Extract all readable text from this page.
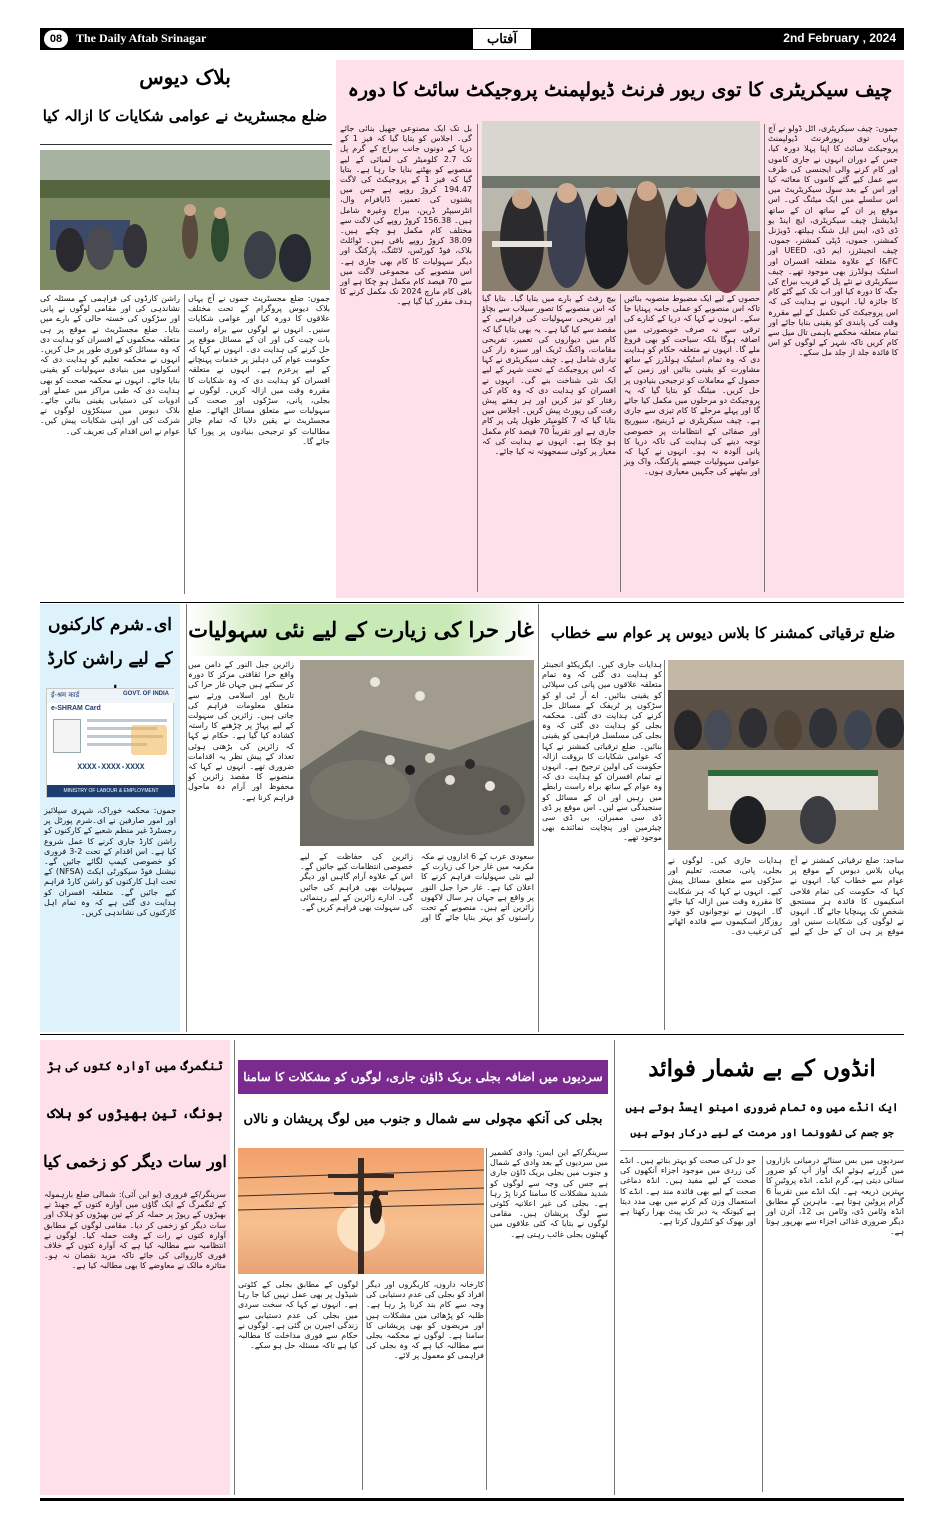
08	The Daily Aftab Srinagar	آفتاب	2nd February , 2024
چیف سیکریٹری کا توی ریور فرنٹ ڈیولپمنٹ پروجیکٹ سائٹ کا دورہ
جموں: چیف سیکریٹری، اٹل ڈولو نے آج یہاں توی ریورفرنٹ ڈیولپمنٹ پروجیکٹ سائٹ کا اپنا پہلا دورہ کیا، جس کے دوران انہوں نے جاری کاموں اور کام کرنے والی ایجنسی کی طرف سے عمل کیے گئے کاموں کا معائنہ کیا اور اس کے بعد سول سیکریٹریٹ میں اس سلسلے میں ایک میٹنگ کی۔ اس موقع پر ان کے ساتھ ان کے ساتھ ایڈیشنل چیف سیکریٹری، ایچ اینڈ یو ڈی ڈی، ایس ایل شنگ ہیلتھ، ڈویژنل کمشنر، جموں، ڈپٹی کمشنر، جموں، چیف انجینئرز، ایم ڈی، UEED اور I&FC کے علاوہ متعلقہ افسران اور اسٹیک ہولڈرز بھی موجود تھے۔ چیف سیکریٹری نے نئے پل کے قریب بیراج کی جگہ کا دورہ کیا اور اب تک کیے گئے کام کا جائزہ لیا۔ انہوں نے ہدایت کی کہ اس پروجیکٹ کی تکمیل کے لیے مقررہ وقت کی پابندی کو یقینی بنایا جائے اور تمام متعلقہ محکمے باہمی تال میل سے کام کریں تاکہ شہر کے لوگوں کو اس کا فائدہ جلد از جلد مل سکے۔
حصوں کے لیے ایک مضبوط منصوبہ بنائیں تاکہ اس منصوبے کو عملی جامہ پہنایا جا سکے۔ انہوں نے کہا کہ دریا کے کنارے کی ترقی سے نہ صرف خوبصورتی میں اضافہ ہوگا بلکہ سیاحت کو بھی فروغ ملے گا۔ انہوں نے متعلقہ حکام کو ہدایت دی کہ وہ تمام اسٹیک ہولڈرز کے ساتھ مشاورت کو یقینی بنائیں اور زمین کے حصول کے معاملات کو ترجیحی بنیادوں پر حل کریں۔ میٹنگ کو بتایا گیا کہ یہ پروجیکٹ دو مرحلوں میں مکمل کیا جائے گا اور پہلے مرحلے کا کام تیزی سے جاری ہے۔ چیف سیکریٹری نے ڈرینیج، سیوریج اور صفائی کے انتظامات پر خصوصی توجہ دینے کی ہدایت کی تاکہ دریا کا پانی آلودہ نہ ہو۔ انہوں نے کہا کہ عوامی سہولیات جیسے پارکنگ، واک ویز اور بیٹھنے کی جگہیں معیاری ہوں۔
بیچ رفٹ کے بارے میں بتایا گیا۔ بتایا گیا کہ اس منصوبے کا تصور سیلاب سے بچاؤ اور تفریحی سہولیات کی فراہمی کے مقصد سے کیا گیا ہے۔ یہ بھی بتایا گیا کہ کام میں دیواروں کی تعمیر، تفریحی مقامات، واکنگ ٹریک اور سبزہ زار کی تیاری شامل ہے۔ چیف سیکریٹری نے کہا کہ اس پروجیکٹ کے تحت شہر کے لیے ایک نئی شناخت بنے گی۔ انہوں نے افسران کو ہدایت دی کہ وہ کام کی رفتار کو تیز کریں اور ہر ہفتے پیش رفت کی رپورٹ پیش کریں۔ اجلاس میں بتایا گیا کہ 7 کلومیٹر طویل پٹی پر کام جاری ہے اور تقریباً 70 فیصد کام مکمل ہو چکا ہے۔ انہوں نے ہدایت کی کہ معیار پر کوئی سمجھوتہ نہ کیا جائے۔
بل تک ایک مصنوعی جھیل بنائی جائے گی۔ اجلاس کو بتایا گیا کہ فیز 1 کے دریا کے دونوں جانب بیراج کے گرم پل تک 2.7 کلومیٹر کی لمبائی کے لیے منصوبے کو بھٹنے بنایا جا رہا ہے۔ بتایا گیا کہ فیز 1 کے پروجیکٹ کی لاگت 194.47 کروڑ روپے ہے جس میں پشتوں کی تعمیر، ڈایافرام وال، انٹرسیپٹر ڈرین، بیراج وغیرہ شامل ہیں۔ 156.38 کروڑ روپے کی لاگت سے مختلف کام مکمل ہو چکے ہیں۔ 38.09 کروڑ روپے باقی ہیں۔ ٹوائلٹ بلاک، فوڈ کورٹس، لائٹنگ، پارکنگ اور دیگر سہولیات کا کام بھی جاری ہے۔ اس منصوبے کی مجموعی لاگت میں سے 70 فیصد کام مکمل ہو چکا ہے اور باقی کام مارچ 2024 تک مکمل کرنے کا ہدف مقرر کیا گیا ہے۔
بلاک دیوس
ضلع مجسٹریٹ نے عوامی شکایات کا ازالہ کیا
جموں: ضلع مجسٹریٹ جموں نے آج یہاں بلاک دیوس پروگرام کے تحت مختلف علاقوں کا دورہ کیا اور عوامی شکایات سنیں۔ انہوں نے لوگوں سے براہ راست بات چیت کی اور ان کے مسائل موقع پر حل کرنے کی ہدایت دی۔ انہوں نے کہا کہ حکومت عوام کی دہلیز پر خدمات پہنچانے کے لیے پرعزم ہے۔ انہوں نے متعلقہ افسران کو ہدایت دی کہ وہ شکایات کا مقررہ وقت میں ازالہ کریں۔ لوگوں نے بجلی، پانی، سڑکوں اور صحت کی سہولیات سے متعلق مسائل اٹھائے۔ ضلع مجسٹریٹ نے یقین دلایا کہ تمام جائز مطالبات کو ترجیحی بنیادوں پر پورا کیا جائے گا۔
راشن کارڈوں کی فراہمی کے مسئلہ کی نشاندہی کی اور مقامی لوگوں نے پانی اور سڑکوں کی خستہ حالی کے بارے میں بتایا۔ ضلع مجسٹریٹ نے موقع پر ہی متعلقہ محکموں کے افسران کو ہدایت دی کہ وہ مسائل کو فوری طور پر حل کریں۔ انہوں نے محکمہ تعلیم کو ہدایت دی کہ اسکولوں میں بنیادی سہولیات کو یقینی بنایا جائے۔ انہوں نے محکمہ صحت کو بھی ہدایت دی کہ طبی مراکز میں عملے اور ادویات کی دستیابی یقینی بنائی جائے۔ بلاک دیوس میں سینکڑوں لوگوں نے شرکت کی اور اپنی شکایات پیش کیں۔ عوام نے اس اقدام کی تعریف کی۔
ای۔شرم کارکنوں کے لیے راشن کارڈ
ई-श्रम कार्ड	GOVT. OF INDIA
e-SHRAM Card
XXXX-XXXX-XXXX
MINISTRY OF LABOUR & EMPLOYMENT
جموں: محکمہ خوراک، شہری سپلائیز اور امور صارفین نے ای۔شرم پورٹل پر رجسٹرڈ غیر منظم شعبے کے کارکنوں کو راشن کارڈ جاری کرنے کا عمل شروع کیا ہے۔ اس اقدام کے تحت 2-3 فروری کو خصوصی کیمپ لگائے جائیں گے۔ نیشنل فوڈ سیکورٹی ایکٹ (NFSA) کے تحت اہل کارکنوں کو راشن کارڈ فراہم کیے جائیں گے۔ متعلقہ افسران کو ہدایت دی گئی ہے کہ وہ تمام اہل کارکنوں کی نشاندہی کریں۔
غار حرا کی زیارت کے لیے نئی سہولیات
زائرین جبل النور کے دامن میں واقع حرا ثقافتی مرکز کا دورہ کر سکتے ہیں جہاں غار حرا کی تاریخ اور اسلامی ورثے سے متعلق معلومات فراہم کی جاتی ہیں۔ زائرین کی سہولت کے لیے پہاڑ پر چڑھنے کا راستہ کشادہ کیا گیا ہے۔ حکام نے کہا کہ زائرین کی بڑھتی ہوئی تعداد کے پیش نظر یہ اقدامات ضروری تھے۔ انہوں نے کہا کہ منصوبے کا مقصد زائرین کو محفوظ اور آرام دہ ماحول فراہم کرنا ہے۔
سعودی عرب کے 6 اداروں نے مکہ مکرمہ میں غار حرا کی زیارت کے لیے نئی سہولیات فراہم کرنے کا اعلان کیا ہے۔ غار حرا جبل النور پر واقع ہے جہاں ہر سال لاکھوں زائرین آتے ہیں۔ منصوبے کے تحت راستوں کو بہتر بنایا جائے گا اور زائرین کی حفاظت کے لیے خصوصی انتظامات کیے جائیں گے۔ اس کے علاوہ آرام گاہیں اور دیگر سہولیات بھی فراہم کی جائیں گی۔ ادارے زائرین کے لیے رہنمائی کی سہولت بھی فراہم کریں گے۔
ضلع ترقیاتی کمشنر کا بلاس دیوس پر عوام سے خطاب
ہدایات جاری کیں۔ ایگزیکٹو انجینئر کو ہدایت دی گئی کہ وہ تمام متعلقہ علاقوں میں پانی کی سپلائی کو یقینی بنائیں۔ اے آر ٹی او کو سڑکوں پر ٹریفک کے مسائل حل کرنے کی ہدایت دی گئی۔ محکمہ بجلی کو ہدایت دی گئی کہ وہ بجلی کی مسلسل فراہمی کو یقینی بنائیں۔ ضلع ترقیاتی کمشنر نے کہا کہ عوامی شکایات کا بروقت ازالہ حکومت کی اولین ترجیح ہے۔ انہوں نے تمام افسران کو ہدایت دی کہ وہ عوام کے ساتھ براہ راست رابطے میں رہیں اور ان کے مسائل کو سنجیدگی سے لیں۔ اس موقع پر ڈی ڈی سی ممبران، بی ڈی سی چیئرمین اور پنچایت نمائندے بھی موجود تھے۔
ساجد: ضلع ترقیاتی کمشنر نے آج یہاں بلاس دیوس کے موقع پر عوام سے خطاب کیا۔ انہوں نے کہا کہ حکومت کی تمام فلاحی اسکیموں کا فائدہ ہر مستحق شخص تک پہنچایا جائے گا۔ انہوں نے لوگوں کی شکایات سنیں اور موقع پر ہی ان کے حل کے لیے ہدایات جاری کیں۔ لوگوں نے بجلی، پانی، صحت، تعلیم اور سڑکوں سے متعلق مسائل پیش کیے۔ انہوں نے کہا کہ ہر شکایت کا مقررہ وقت میں ازالہ کیا جائے گا۔ انہوں نے نوجوانوں کو خود روزگار اسکیموں سے فائدہ اٹھانے کی ترغیب دی۔
ٹنگمرگ میں آوارہ کتوں کی ہڑ
بونگ، تین بھیڑوں کو ہلاک
اور سات دیگر کو زخمی کیا
سرینگر/کے فروری (یو این آئی): شمالی ضلع بارہمولہ کے ٹنگمرگ کے ایک گاؤں میں آوارہ کتوں کے جھنڈ نے بھیڑوں کے ریوڑ پر حملہ کر کے تین بھیڑوں کو ہلاک اور سات دیگر کو زخمی کر دیا۔ مقامی لوگوں کے مطابق آوارہ کتوں نے رات کے وقت حملہ کیا۔ لوگوں نے انتظامیہ سے مطالبہ کیا ہے کہ آوارہ کتوں کے خلاف فوری کارروائی کی جائے تاکہ مزید نقصان نہ ہو۔ متاثرہ مالک نے معاوضے کا بھی مطالبہ کیا ہے۔
سردیوں میں اضافہ بجلی بریک ڈاؤن جاری، لوگوں کو مشکلات کا سامنا
بجلی کی آنکھ مچولی سے شمال و جنوب میں لوگ پریشان و نالاں
سرینگر/کے این ایس: وادی کشمیر میں سردیوں کے بعد وادی کے شمال و جنوب میں بجلی بریک ڈاؤن جاری ہے جس کی وجہ سے لوگوں کو شدید مشکلات کا سامنا کرنا پڑ رہا ہے۔ بجلی کی غیر اعلانیہ کٹوتی سے لوگ پریشان ہیں۔ مقامی لوگوں نے بتایا کہ کئی علاقوں میں گھنٹوں بجلی غائب رہتی ہے۔
کارخانہ داروں، کاریگروں اور دیگر افراد کو بجلی کی عدم دستیابی کی وجہ سے کام بند کرنا پڑ رہا ہے۔ طلبہ کو پڑھائی میں مشکلات ہیں اور مریضوں کو بھی پریشانی کا سامنا ہے۔ لوگوں نے محکمہ بجلی سے مطالبہ کیا ہے کہ وہ بجلی کی فراہمی کو معمول پر لائے۔
لوگوں کے مطابق بجلی کے کٹوتی شیڈول پر بھی عمل نہیں کیا جا رہا ہے۔ انہوں نے کہا کہ سخت سردی میں بجلی کی عدم دستیابی سے زندگی اجیرن بن گئی ہے۔ لوگوں نے حکام سے فوری مداخلت کا مطالبہ کیا ہے تاکہ مسئلہ حل ہو سکے۔
انڈوں کے بے شمار فوائد
ایک انڈے میں وہ تمام ضروری امینو ایسڈ ہوتے ہیں
جو جسم کی نشوونما اور مرمت کے لیے درکار ہوتے ہیں
سردیوں میں بس سناٹے درمیانی بازاروں میں گزرتے ہوئے ایک آواز آپ کو ضرور سنائی دیتی ہے، گرم انڈے۔ انڈہ پروٹین کا بہترین ذریعہ ہے۔ ایک انڈے میں تقریباً 6 گرام پروٹین ہوتا ہے۔ ماہرین کے مطابق انڈہ وٹامن ڈی، وٹامن بی 12، آئرن اور دیگر ضروری غذائی اجزاء سے بھرپور ہوتا ہے۔
جو دل کی صحت کو بہتر بناتے ہیں۔ انڈے کی زردی میں موجود اجزاء آنکھوں کی صحت کے لیے مفید ہیں۔ انڈہ دماغی صحت کے لیے بھی فائدہ مند ہے۔ انڈے کا استعمال وزن کم کرنے میں بھی مدد دیتا ہے کیونکہ یہ دیر تک پیٹ بھرا رکھتا ہے اور بھوک کو کنٹرول کرتا ہے۔
